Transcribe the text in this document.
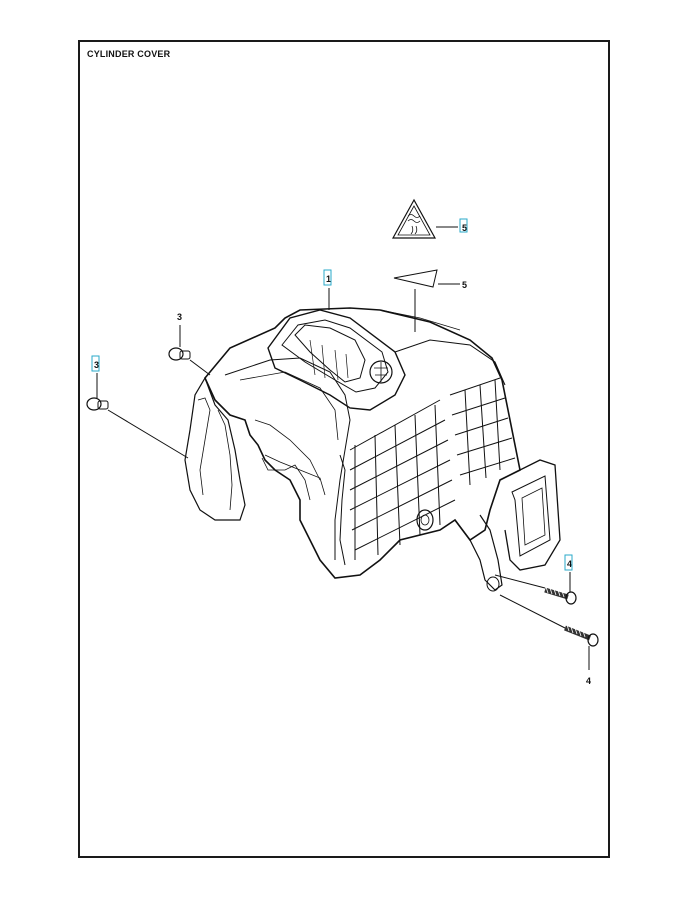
CYLINDER COVER
5
5
1
3
3
4
4
